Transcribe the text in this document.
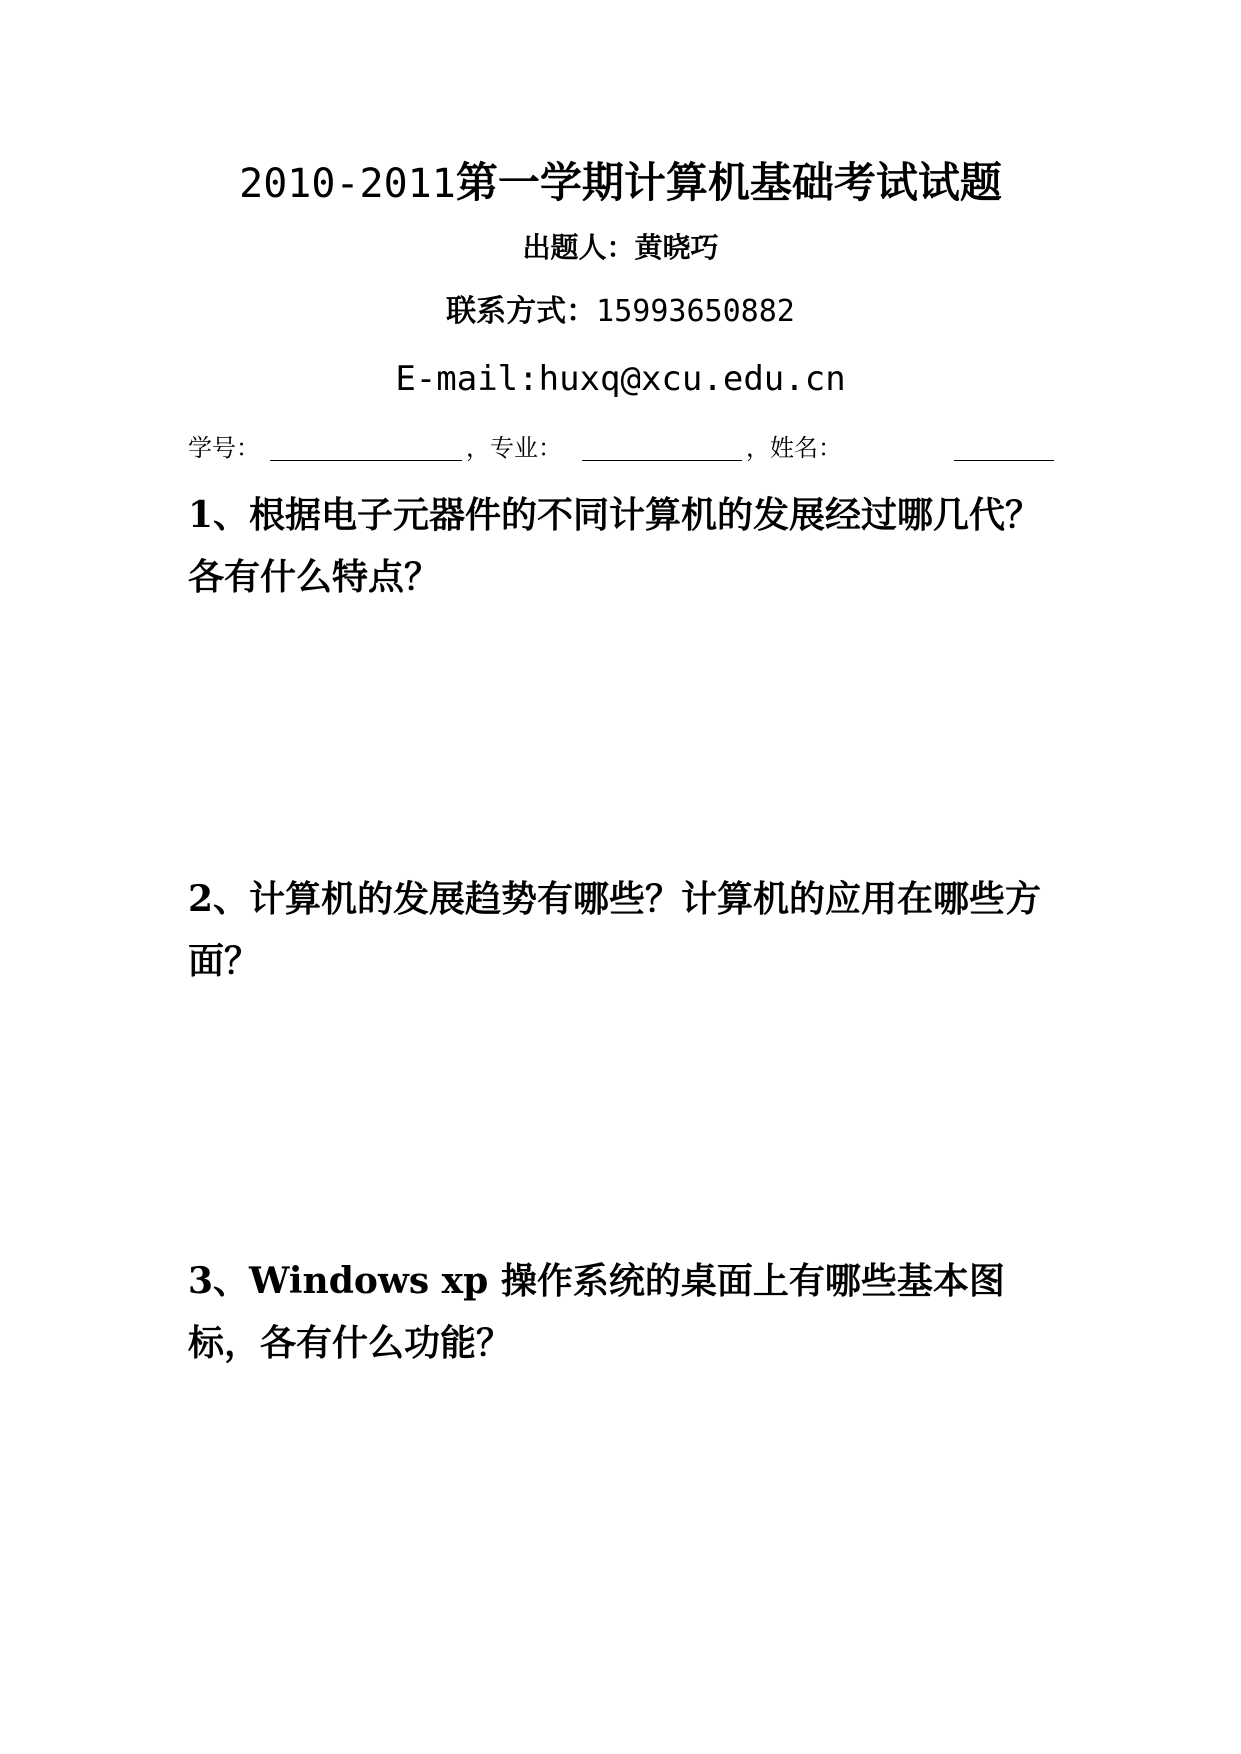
2010-2011第一学期计算机基础考试试题
出题人：黄晓巧
联系方式：15993650882
E-mail:huxq@xcu.edu.cn
学号：	， 专业：	， 姓名：
1、根据电子元器件的不同计算机的发展经过哪几代？各有什么特点？
2、计算机的发展趋势有哪些？计算机的应用在哪些方面？
3、Windows xp 操作系统的桌面上有哪些基本图标，各有什么功能？
